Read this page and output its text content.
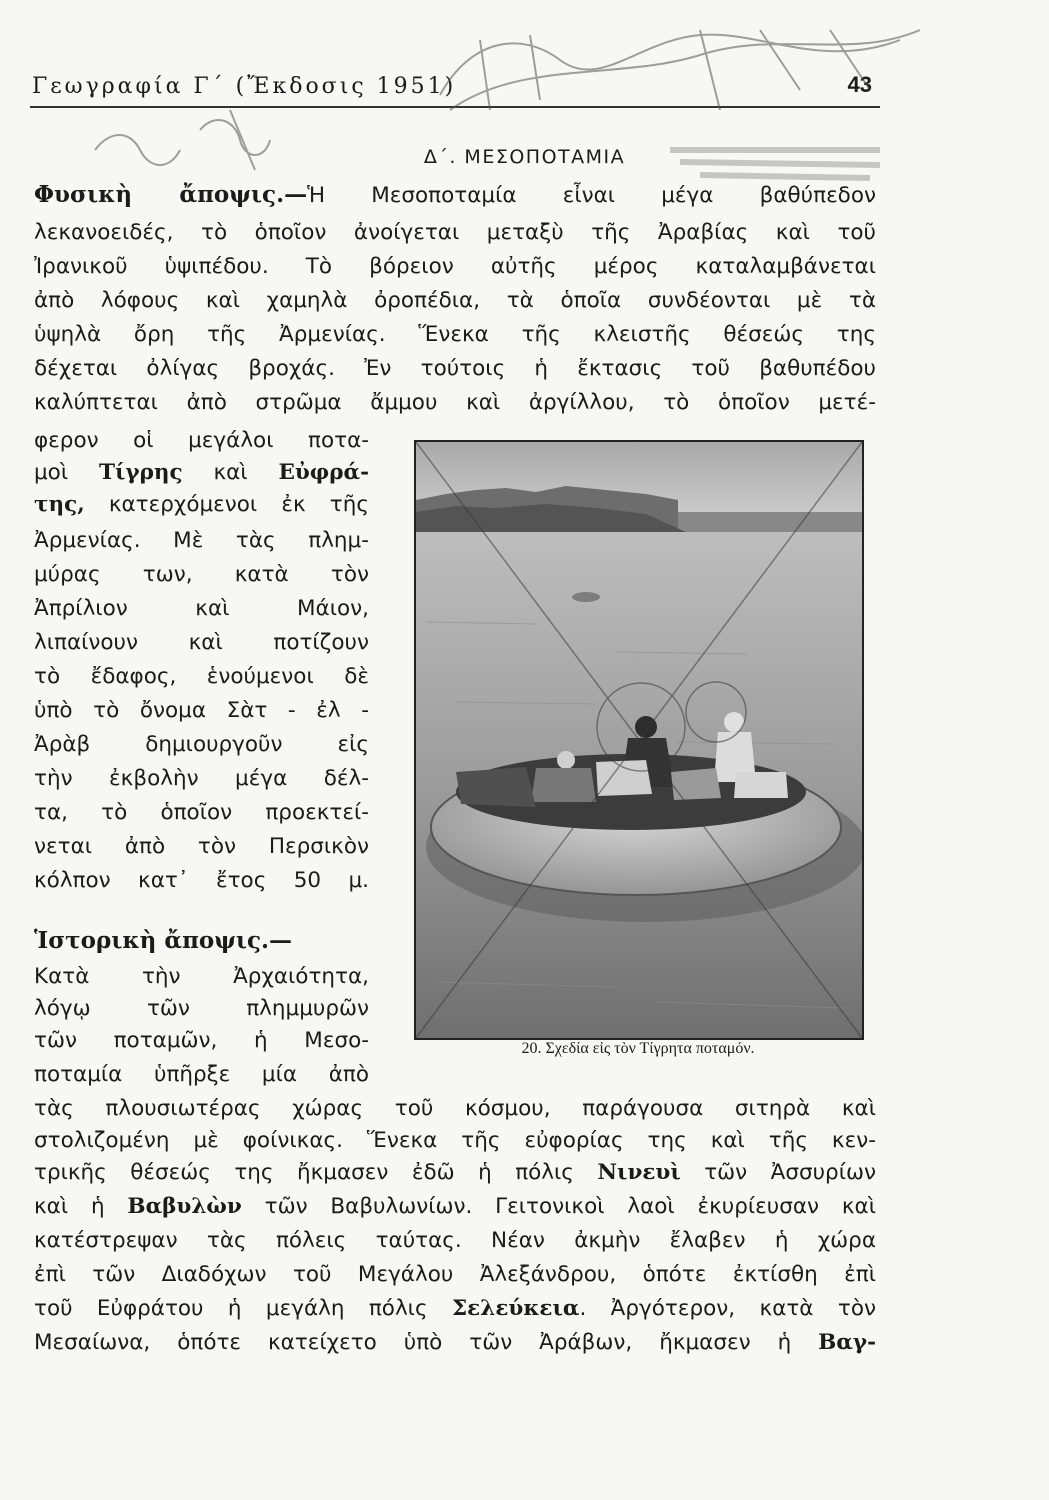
Γεωγραφία Γ΄ (Ἔκδοσις 1951)	43
Δ΄. ΜΕΣΟΠΟΤΑΜΙΑ
Φυσικὴ ἄποψις.—Ἡ Μεσοποταμία εἶναι μέγα βαθύπεδον
λεκανοειδές, τὸ ὁποῖον ἀνοίγεται μεταξὺ τῆς Ἀραβίας καὶ τοῦ
Ἰρανικοῦ ὑψιπέδου. Τὸ βόρειον αὐτῆς μέρος καταλαμβάνεται
ἀπὸ λόφους καὶ χαμηλὰ ὀροπέδια, τὰ ὁποῖα συνδέονται μὲ τὰ
ὑψηλὰ ὄρη τῆς Ἀρμενίας. Ἕνεκα τῆς κλειστῆς θέσεώς της
δέχεται ὀλίγας βροχάς. Ἐν τούτοις ἡ ἔκτασις τοῦ βαθυπέδου
καλύπτεται ἀπὸ στρῶμα ἄμμου καὶ ἀργίλλου, τὸ ὁποῖον μετέ-
φερον οἱ μεγάλοι ποτα-
μοὶ Τίγρης καὶ Εὐφρά-
της, κατερχόμενοι ἐκ τῆς
Ἀρμενίας. Μὲ τὰς πλημ-
μύρας των, κατὰ τὸν
Ἀπρίλιον καὶ Μάιον,
λιπαίνουν καὶ ποτίζουν
τὸ ἔδαφος, ἑνούμενοι δὲ
ὑπὸ τὸ ὄνομα Σὰτ - ἐλ -
Ἀρὰβ δημιουργοῦν εἰς
τὴν ἐκβολὴν μέγα δέλ-
τα, τὸ ὁποῖον προεκτεί-
νεται ἀπὸ τὸν Περσικὸν
κόλπον κατ᾽ ἔτος 50 μ.
Ἱστορικὴ ἄποψις.—
Κατὰ τὴν Ἀρχαιότητα,
λόγῳ τῶν πλημμυρῶν
τῶν ποταμῶν, ἡ Μεσο-
ποταμία ὑπῆρξε μία ἀπὸ
τὰς πλουσιωτέρας χώρας τοῦ κόσμου, παράγουσα σιτηρὰ καὶ
στολιζομένη μὲ φοίνικας. Ἕνεκα τῆς εὐφορίας της καὶ τῆς κεν-
τρικῆς θέσεώς της ἤκμασεν ἐδῶ ἡ πόλις Νινευὶ τῶν Ἀσσυρίων
καὶ ἡ Βαβυλὼν τῶν Βαβυλωνίων. Γειτονικοὶ λαοὶ ἐκυρίευσαν καὶ
κατέστρεψαν τὰς πόλεις ταύτας. Νέαν ἀκμὴν ἔλαβεν ἡ χώρα
ἐπὶ τῶν Διαδόχων τοῦ Μεγάλου Ἀλεξάνδρου, ὁπότε ἐκτίσθη ἐπὶ
τοῦ Εὐφράτου ἡ μεγάλη πόλις Σελεύκεια. Ἀργότερον, κατὰ τὸν
Μεσαίωνα, ὁπότε κατείχετο ὑπὸ τῶν Ἀράβων, ἤκμασεν ἡ Βαγ-
20. Σχεδία εἰς τὸν Τίγρητα ποταμόν.
